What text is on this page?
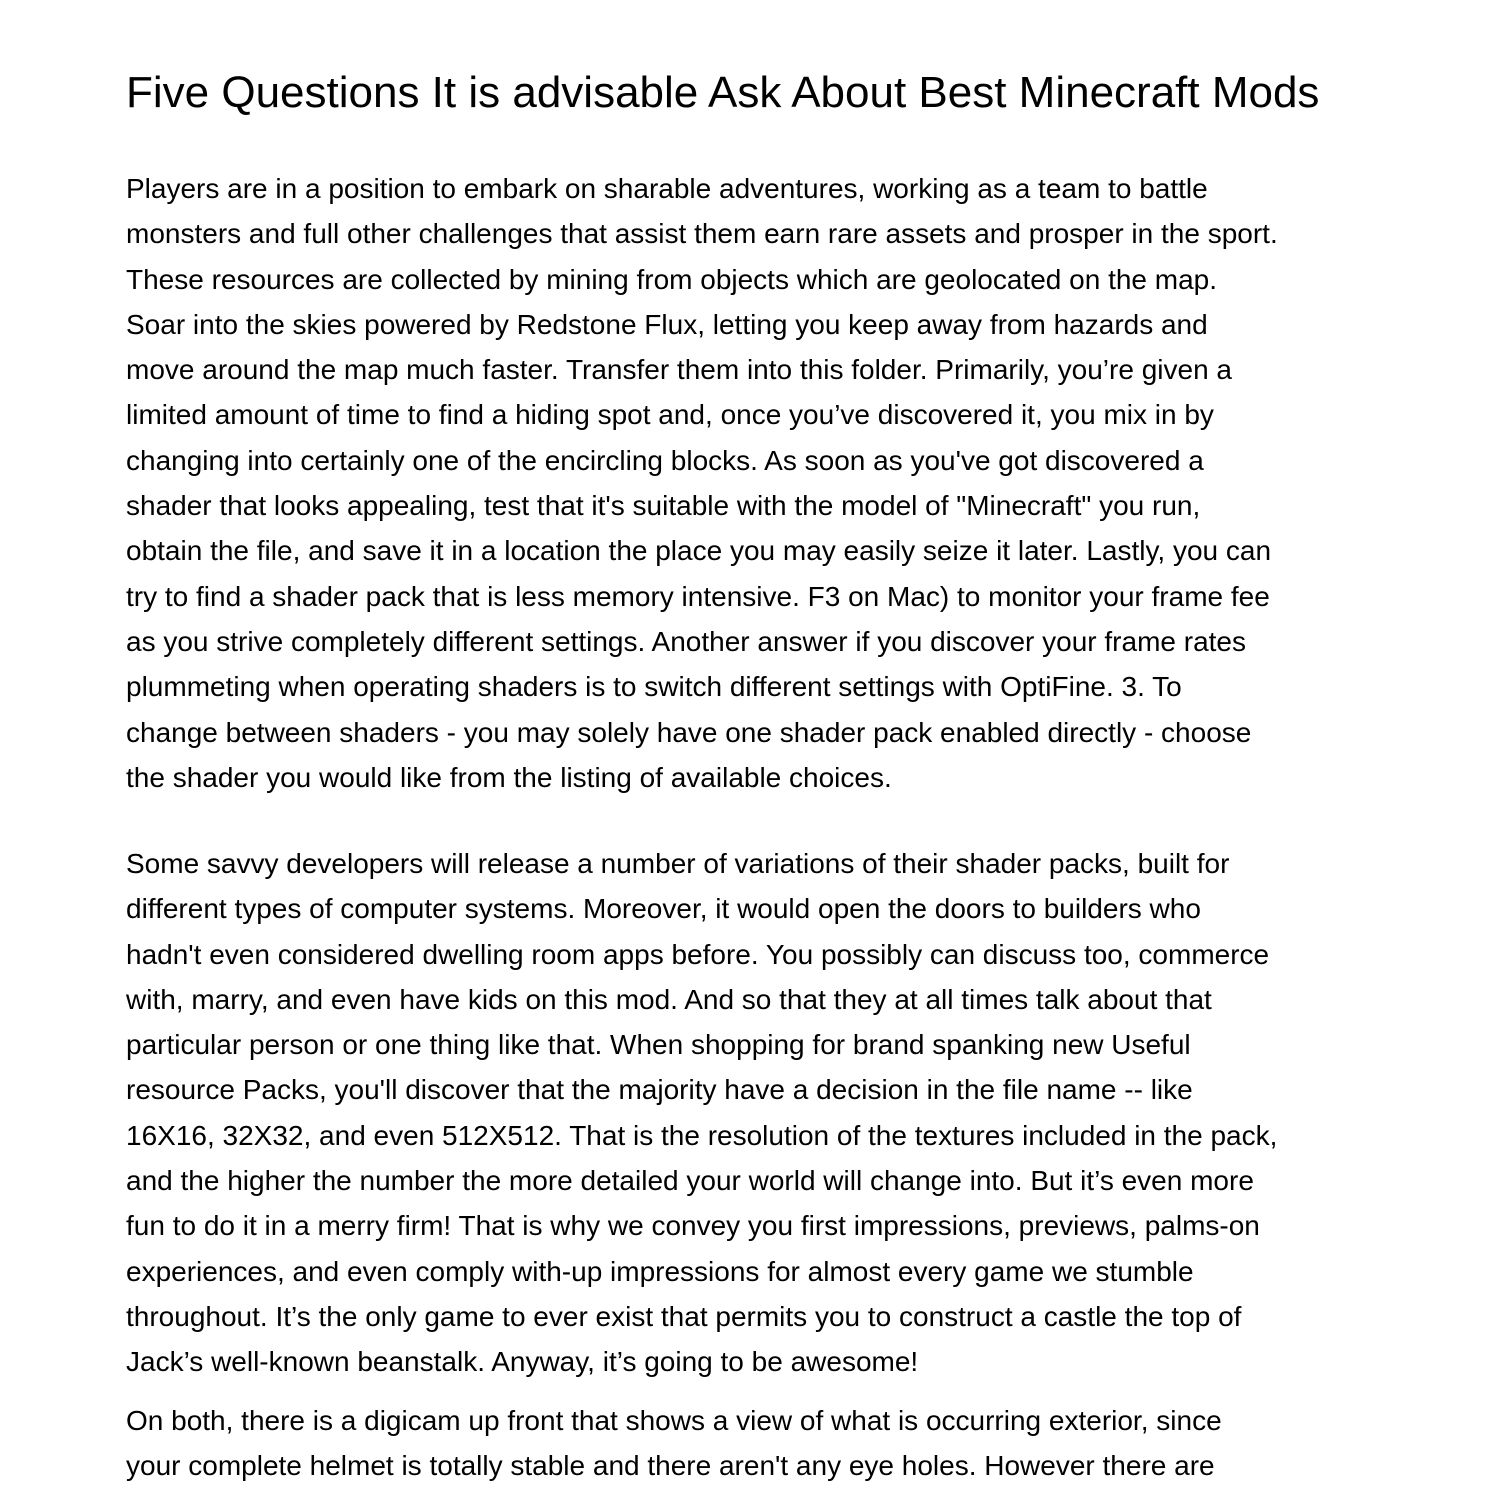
Five Questions It is advisable Ask About Best Minecraft Mods
Players are in a position to embark on sharable adventures, working as a team to battle
monsters and full other challenges that assist them earn rare assets and prosper in the sport.
These resources are collected by mining from objects which are geolocated on the map.
Soar into the skies powered by Redstone Flux, letting you keep away from hazards and
move around the map much faster. Transfer them into this folder. Primarily, you’re given a
limited amount of time to find a hiding spot and, once you’ve discovered it, you mix in by
changing into certainly one of the encircling blocks. As soon as you've got discovered a
shader that looks appealing, test that it's suitable with the model of "Minecraft" you run,
obtain the file, and save it in a location the place you may easily seize it later. Lastly, you can
try to find a shader pack that is less memory intensive. F3 on Mac) to monitor your frame fee
as you strive completely different settings. Another answer if you discover your frame rates
plummeting when operating shaders is to switch different settings with OptiFine. 3. To
change between shaders - you may solely have one shader pack enabled directly - choose
the shader you would like from the listing of available choices.
Some savvy developers will release a number of variations of their shader packs, built for
different types of computer systems. Moreover, it would open the doors to builders who
hadn't even considered dwelling room apps before. You possibly can discuss too, commerce
with, marry, and even have kids on this mod. And so that they at all times talk about that
particular person or one thing like that. When shopping for brand spanking new Useful
resource Packs, you'll discover that the majority have a decision in the file name -- like
16X16, 32X32, and even 512X512. That is the resolution of the textures included in the pack,
and the higher the number the more detailed your world will change into. But it’s even more
fun to do it in a merry firm! That is why we convey you first impressions, previews, palms-on
experiences, and even comply with-up impressions for almost every game we stumble
throughout. It’s the only game to ever exist that permits you to construct a castle the top of
Jack’s well-known beanstalk. Anyway, it’s going to be awesome!
On both, there is a digicam up front that shows a view of what is occurring exterior, since
your complete helmet is totally stable and there aren't any eye holes. However there are
